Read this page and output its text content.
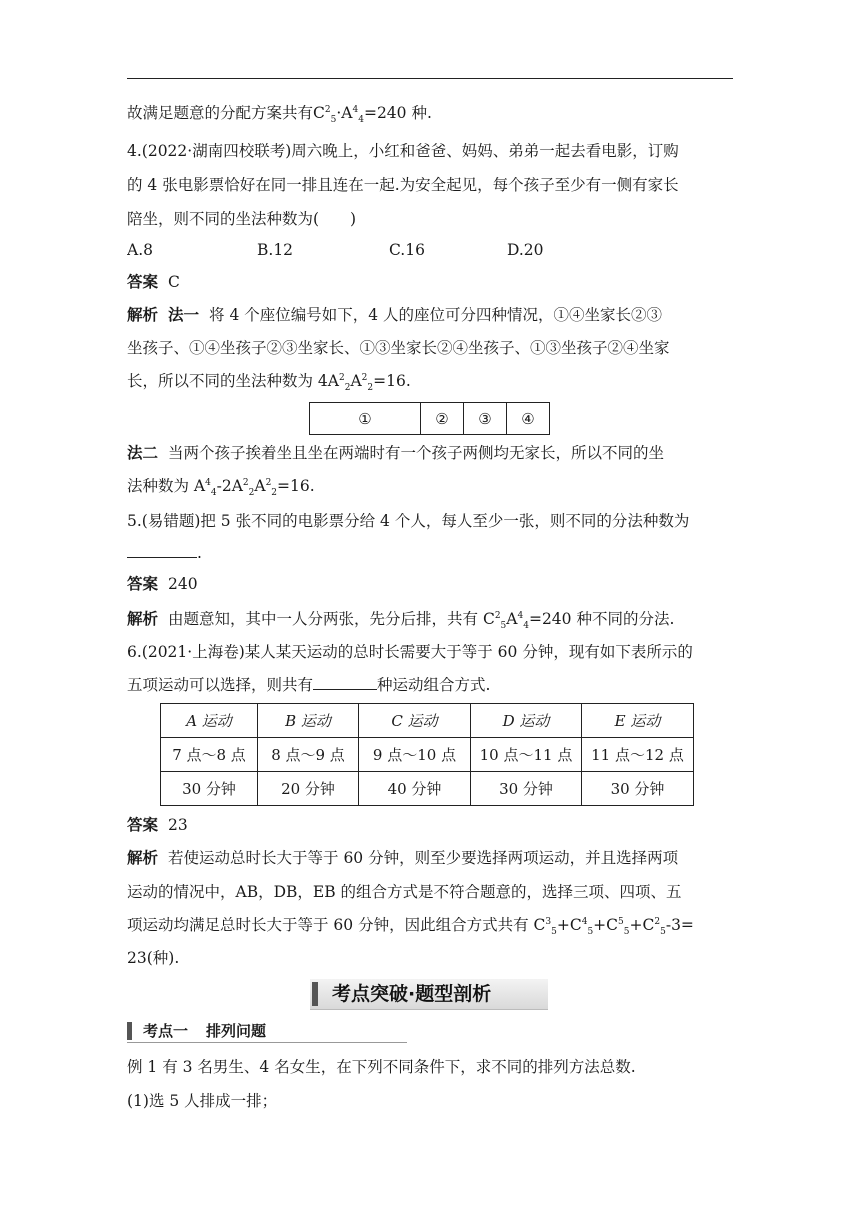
故满足题意的分配方案共有$C^2_5\cdot A^4_4=240$ 种.
4.(2022·湖南四校联考)周六晚上，小红和爸爸、妈妈、弟弟一起去看电影，订购
的 4 张电影票恰好在同一排且连在一起.为安全起见，每个孩子至少有一侧有家长
陪坐，则不同的坐法种数为(　　)
A.8	B.12	C.16	D.20
答案 C
解析 法一 将 4 个座位编号如下，4 人的座位可分四种情况，①④坐家长②③
坐孩子、①④坐孩子②③坐家长、①③坐家长②④坐孩子、①③坐孩子②④坐家
长，所以不同的坐法种数为 $4A^2_2A^2_2=16$.
①	②	③	④
法二 当两个孩子挨着坐且坐在两端时有一个孩子两侧均无家长，所以不同的坐
法种数为 $A^4_4-2A^2_2A^2_2=16$.
5.(易错题)把 5 张不同的电影票分给 4 个人，每人至少一张，则不同的分法种数为
.
答案 240
解析 由题意知，其中一人分两张，先分后排，共有 $C^2_5A^4_4=240$ 种不同的分法.
6.(2021·上海卷)某人某天运动的总时长需要大于等于 60 分钟，现有如下表所示的
五项运动可以选择，则共有	种运动组合方式.
A 运动	B 运动	C 运动	D 运动	E 运动
7 点～8 点	8 点～9 点	9 点～10 点	10 点～11 点	11 点～12 点
30 分钟	20 分钟	40 分钟	30 分钟	30 分钟
答案 23
解析 若使运动总时长大于等于 60 分钟，则至少要选择两项运动，并且选择两项
运动的情况中，AB，DB，EB 的组合方式是不符合题意的，选择三项、四项、五
项运动均满足总时长大于等于 60 分钟，因此组合方式共有 $C^3_5+C^4_5+C^5_5+C^2_5-3=$
23(种).
考点突破·题型剖析
考点一 排列问题
例 1 有 3 名男生、4 名女生，在下列不同条件下，求不同的排列方法总数.
(1)选 5 人排成一排；
